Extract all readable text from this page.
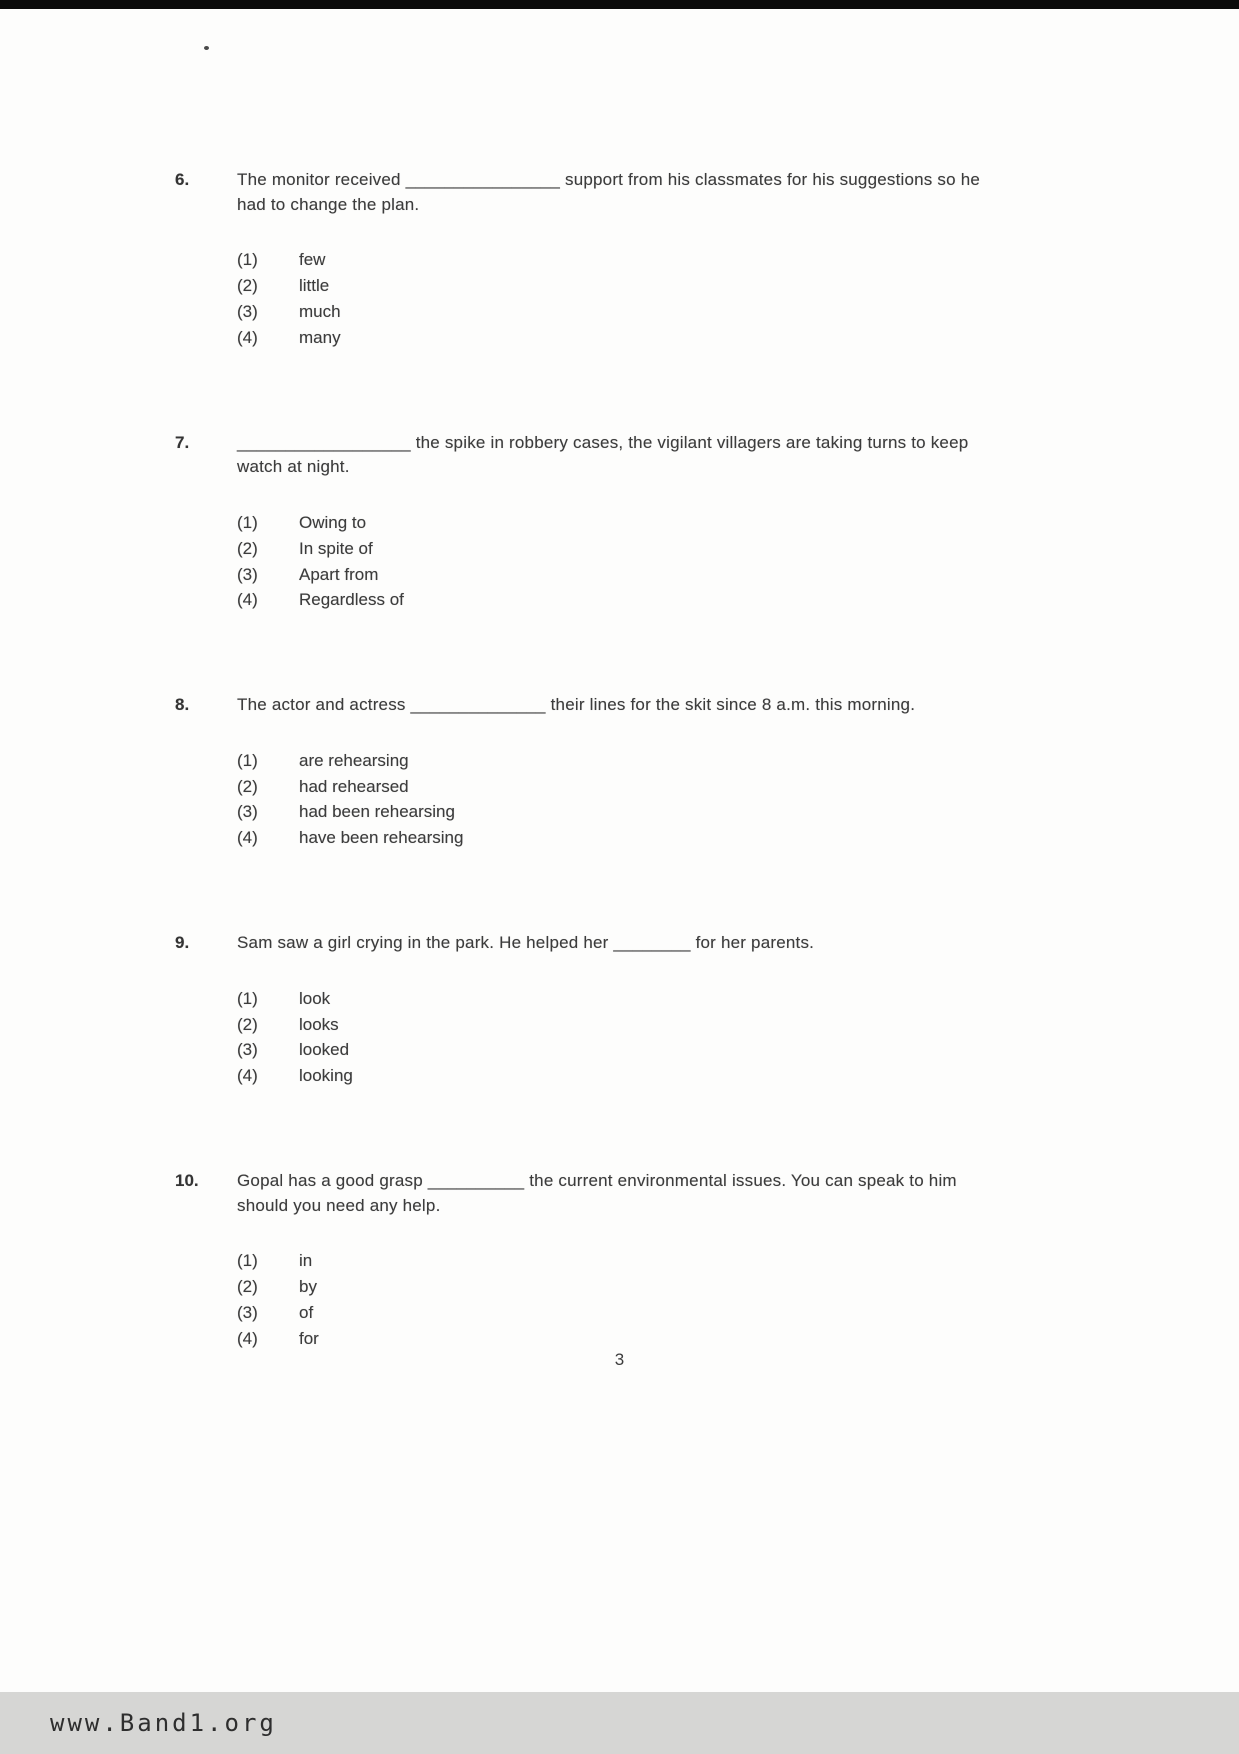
6.	The monitor received ________________ support from his classmates for his suggestions so he had to change the plan.

(1)	few
(2)	little
(3)	much
(4)	many
7.	__________________ the spike in robbery cases, the vigilant villagers are taking turns to keep watch at night.

(1)	Owing to
(2)	In spite of
(3)	Apart from
(4)	Regardless of
8.	The actor and actress ______________ their lines for the skit since 8 a.m. this morning.

(1)	are rehearsing
(2)	had rehearsed
(3)	had been rehearsing
(4)	have been rehearsing
9.	Sam saw a girl crying in the park. He helped her ________ for her parents.

(1)	look
(2)	looks
(3)	looked
(4)	looking
10.	Gopal has a good grasp __________ the current environmental issues. You can speak to him should you need any help.

(1)	in
(2)	by
(3)	of
(4)	for
3
www.Band1.org
